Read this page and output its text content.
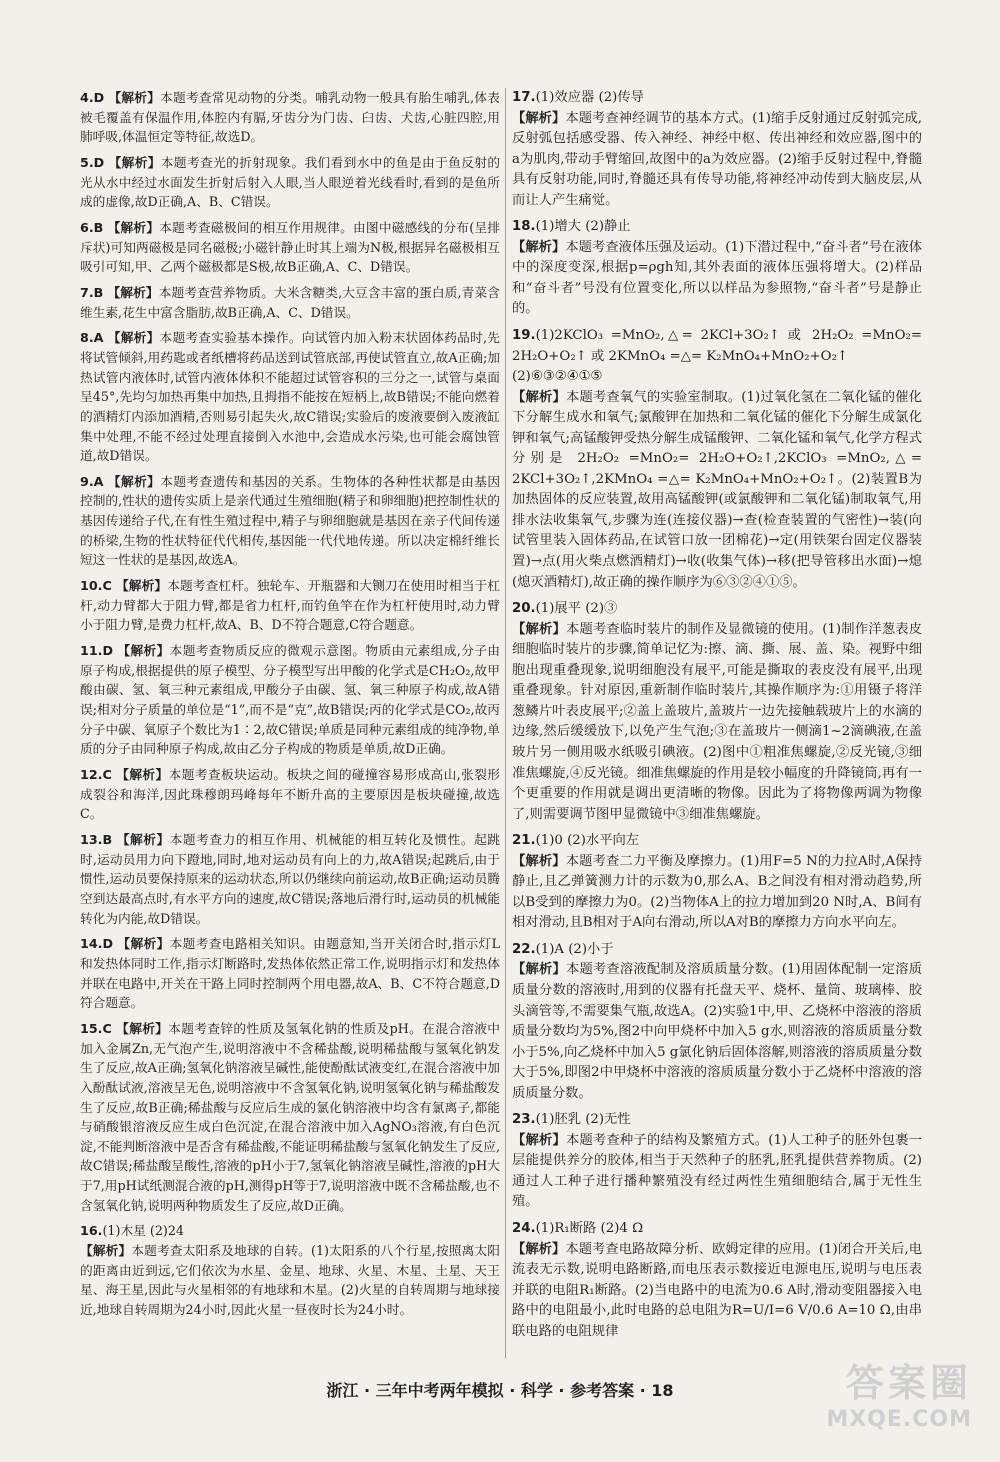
4.D 【解析】本题考查常见动物的分类。哺乳动物一般具有胎生哺乳,体表被毛覆盖有保温作用,体腔内有膈,牙齿分为门齿、臼齿、犬齿,心脏四腔,用肺呼吸,体温恒定等特征,故选D。

5.D 【解析】本题考查光的折射现象。我们看到水中的鱼是由于鱼反射的光从水中经过水面发生折射后射入人眼,当人眼逆着光线看时,看到的是鱼所成的虚像,故D正确,A、B、C错误。

6.B 【解析】本题考查磁极间的相互作用规律。由图中磁感线的分布(呈排斥状)可知两磁极是同名磁极;小磁针静止时其上端为N极,根据异名磁极相互吸引可知,甲、乙两个磁极都是S极,故B正确,A、C、D错误。

7.B 【解析】本题考查营养物质。大米含糖类,大豆含丰富的蛋白质,青菜含维生素,花生中富含脂肪,故B正确,A、C、D错误。

8.A 【解析】本题考查实验基本操作。向试管内加入粉末状固体药品时,先将试管倾斜,用药匙或者纸槽将药品送到试管底部,再使试管直立,故A正确;加热试管内液体时,试管内液体体积不能超过试管容积的三分之一,试管与桌面呈45°,先均匀加热再集中加热,且拇指不能按在短柄上,故B错误;不能向燃着的酒精灯内添加酒精,否则易引起失火,故C错误;实验后的废液要倒入废液缸集中处理,不能不经过处理直接倒入水池中,会造成水污染,也可能会腐蚀管道,故D错误。

9.A 【解析】本题考查遗传和基因的关系。生物体的各种性状都是由基因控制的,性状的遗传实质上是亲代通过生殖细胞(精子和卵细胞)把控制性状的基因传递给子代,在有性生殖过程中,精子与卵细胞就是基因在亲子代间传递的桥梁,生物的性状特征代代相传,基因能一代代地传递。所以决定棉纤维长短这一性状的是基因,故选A。

10.C 【解析】本题考查杠杆。独轮车、开瓶器和大铡刀在使用时相当于杠杆,动力臂都大于阻力臂,都是省力杠杆,而钓鱼竿在作为杠杆使用时,动力臂小于阻力臂,是费力杠杆,故A、B、D不符合题意,C符合题意。

11.D 【解析】本题考查物质反应的微观示意图。物质由元素组成,分子由原子构成,根据提供的原子模型、分子模型写出甲酸的化学式是CH₂O₂,故甲酸由碳、氢、氧三种元素组成,甲酸分子由碳、氢、氧三种原子构成,故A错误;相对分子质量的单位是“1”,而不是“克”,故B错误;丙的化学式是CO₂,故丙分子中碳、氧原子个数比为1∶2,故C错误;单质是同种元素组成的纯净物,单质的分子由同种原子构成,故由乙分子构成的物质是单质,故D正确。

12.C 【解析】本题考查板块运动。板块之间的碰撞容易形成高山,张裂形成裂谷和海洋,因此珠穆朗玛峰每年不断升高的主要原因是板块碰撞,故选C。

13.B 【解析】本题考查力的相互作用、机械能的相互转化及惯性。起跳时,运动员用力向下蹬地,同时,地对运动员有向上的力,故A错误;起跳后,由于惯性,运动员要保持原来的运动状态,所以仍继续向前运动,故B正确;运动员腾空到达最高点时,有水平方向的速度,故C错误;落地后滑行时,运动员的机械能转化为内能,故D错误。

14.D 【解析】本题考查电路相关知识。由题意知,当开关闭合时,指示灯L和发热体同时工作,指示灯断路时,发热体依然正常工作,说明指示灯和发热体并联在电路中,开关在干路上同时控制两个用电器,故A、B、C不符合题意,D符合题意。

15.C 【解析】本题考查锌的性质及氢氧化钠的性质及pH。在混合溶液中加入金属Zn,无气泡产生,说明溶液中不含稀盐酸,说明稀盐酸与氢氧化钠发生了反应,故A正确;氢氧化钠溶液呈碱性,能使酚酞试液变红,在混合溶液中加入酚酞试液,溶液呈无色,说明溶液中不含氢氧化钠,说明氢氧化钠与稀盐酸发生了反应,故B正确;稀盐酸与反应后生成的氯化钠溶液中均含有氯离子,都能与硝酸银溶液反应生成白色沉淀,在混合溶液中加入AgNO₃溶液,有白色沉淀,不能判断溶液中是否含有稀盐酸,不能证明稀盐酸与氢氧化钠发生了反应,故C错误;稀盐酸呈酸性,溶液的pH小于7,氢氧化钠溶液呈碱性,溶液的pH大于7,用pH试纸测混合液的pH,测得pH等于7,说明溶液中既不含稀盐酸,也不含氢氧化钠,说明两种物质发生了反应,故D正确。

16.(1)木星 (2)24

【解析】本题考查太阳系及地球的自转。(1)太阳系的八个行星,按照离太阳的距离由近到远,它们依次为水星、金星、地球、火星、木星、土星、天王星、海王星,因此与火星相邻的有地球和木星。(2)火星的自转周期与地球接近,地球自转周期为24小时,因此火星一昼夜时长为24小时。

17.(1)效应器 (2)传导

【解析】本题考查神经调节的基本方式。(1)缩手反射通过反射弧完成,反射弧包括感受器、传入神经、神经中枢、传出神经和效应器,图中的a为肌肉,带动手臂缩回,故图中的a为效应器。(2)缩手反射过程中,脊髓具有反射功能,同时,脊髓还具有传导功能,将神经冲动传到大脑皮层,从而让人产生痛觉。

18.(1)增大 (2)静止

【解析】本题考查液体压强及运动。(1)下潜过程中,“奋斗者”号在液体中的深度变深,根据p=ρgh知,其外表面的液体压强将增大。(2)样品和“奋斗者”号没有位置变化,所以以样品为参照物,“奋斗者”号是静止的。

19.(1)2KClO₃ =MnO₂,△= 2KCl+3O₂↑ 或 2H₂O₂ =MnO₂= 2H₂O+O₂↑ 或 2KMnO₄ =△= K₂MnO₄+MnO₂+O₂↑

(2)⑥③②④①⑤

【解析】本题考查氧气的实验室制取。(1)过氧化氢在二氧化锰的催化下分解生成水和氧气;氯酸钾在加热和二氧化锰的催化下分解生成氯化钾和氧气;高锰酸钾受热分解生成锰酸钾、二氧化锰和氧气,化学方程式分别是 2H₂O₂ =MnO₂= 2H₂O+O₂↑,2KClO₃ =MnO₂,△= 2KCl+3O₂↑,2KMnO₄ =△= K₂MnO₄+MnO₂+O₂↑。(2)装置B为加热固体的反应装置,故用高锰酸钾(或氯酸钾和二氧化锰)制取氧气,用排水法收集氧气,步骤为连(连接仪器)→查(检查装置的气密性)→装(向试管里装入固体药品,在试管口放一团棉花)→定(用铁架台固定仪器装置)→点(用火柴点燃酒精灯)→收(收集气体)→移(把导管移出水面)→熄(熄灭酒精灯),故正确的操作顺序为⑥③②④①⑤。

20.(1)展平 (2)③

【解析】本题考查临时装片的制作及显微镜的使用。(1)制作洋葱表皮细胞临时装片的步骤,简单记忆为:擦、滴、撕、展、盖、染。视野中细胞出现重叠现象,说明细胞没有展平,可能是撕取的表皮没有展平,出现重叠现象。针对原因,重新制作临时装片,其操作顺序为:①用镊子将洋葱鳞片叶表皮展平;②盖上盖玻片,盖玻片一边先接触载玻片上的水滴的边缘,然后缓缓放下,以免产生气泡;③在盖玻片一侧滴1~2滴碘液,在盖玻片另一侧用吸水纸吸引碘液。(2)图中①粗准焦螺旋,②反光镜,③细准焦螺旋,④反光镜。细准焦螺旋的作用是较小幅度的升降镜筒,再有一个更重要的作用就是调出更清晰的物像。因此为了将物像两调为物像了,则需要调节图甲显微镜中③细准焦螺旋。

21.(1)0 (2)水平向左

【解析】本题考查二力平衡及摩擦力。(1)用F=5 N的力拉A时,A保持静止,且乙弹簧测力计的示数为0,那么A、B之间没有相对滑动趋势,所以B受到的摩擦力为0。(2)当物体A上的拉力增加到20 N时,A、B间有相对滑动,且B相对于A向右滑动,所以A对B的摩擦力方向水平向左。

22.(1)A (2)小于

【解析】本题考查溶液配制及溶质质量分数。(1)用固体配制一定溶质质量分数的溶液时,用到的仪器有托盘天平、烧杯、量筒、玻璃棒、胶头滴管等,不需要集气瓶,故选A。(2)实验1中,甲、乙烧杯中溶液的溶质质量分数均为5%,图2中向甲烧杯中加入5 g水,则溶液的溶质质量分数小于5%,向乙烧杯中加入5 g氯化钠后固体溶解,则溶液的溶质质量分数大于5%,即图2中甲烧杯中溶液的溶质质量分数小于乙烧杯中溶液的溶质质量分数。

23.(1)胚乳 (2)无性

【解析】本题考查种子的结构及繁殖方式。(1)人工种子的胚外包裹一层能提供养分的胶体,相当于天然种子的胚乳,胚乳提供营养物质。(2)通过人工种子进行播种繁殖没有经过两性生殖细胞结合,属于无性生殖。

24.(1)R₁断路 (2)4 Ω

【解析】本题考查电路故障分析、欧姆定律的应用。(1)闭合开关后,电流表无示数,说明电路断路,而电压表示数接近电源电压,说明与电压表并联的电阻R₁断路。(2)当电路中的电流为0.6 A时,滑动变阻器接入电路中的电阻最小,此时电路的总电阻为R=U/I=6 V/0.6 A=10 Ω,由串联电路的电阻规律

浙江 · 三年中考两年模拟 · 科学 · 参考答案 · 18	答案圈
MXQE.COM
